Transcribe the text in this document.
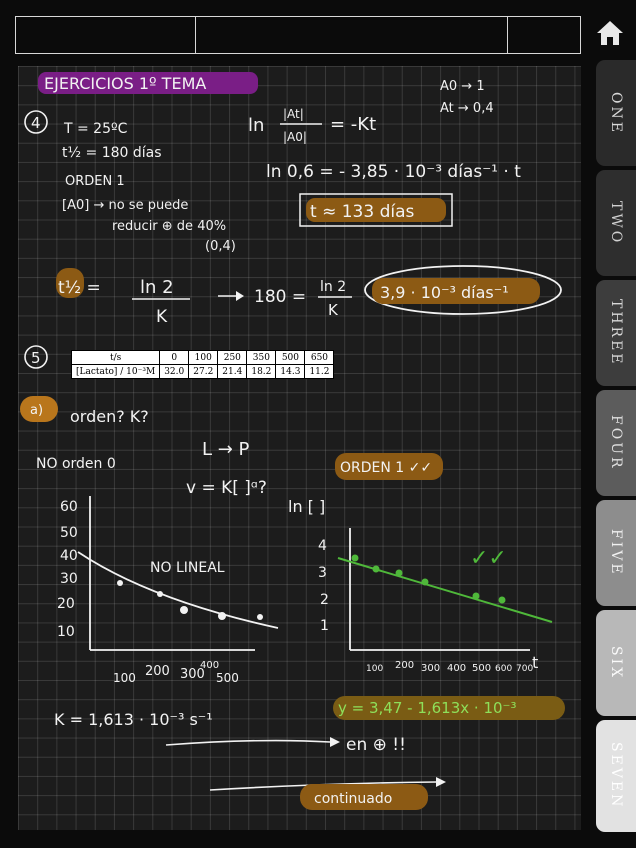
ONE
TWO
THREE
FOUR
FIVE
SIX
SEVEN
EJERCICIOS 1º TEMA
4 T = 25ºC
t½ = 180 días
ORDEN 1
[A0] → no se puede
reducir ⊕ de 40%
(0,4)
A0 → 1
At → 0,4
ln
|At|
|A0|
= -Kt
ln 0,6 = - 3,85 · 10⁻³ días⁻¹ · t
t ≈ 133 días
t½ = ln 2
K
180 = ln 2
K
3,9 · 10⁻³ días⁻¹
5
a) orden? K?
NO orden 0
L → P
v = K[ ]ᵅ?
ORDEN 1 ✓✓
60
50
40
30
20
10
100 200 300
400
500
NO LINEAL
ln [ ]
4
3
2
1
100 200 300 400 500 600 700
t
✓✓
K = 1,613 · 10⁻³ s⁻¹
y = 3,47 - 1,613x · 10⁻³
en ⊕ !!
continuado
t/s	0	100	250	350	500	650
[Lactato] / 10⁻³M	32.0	27.2	21.4	18.2	14.3	11.2
